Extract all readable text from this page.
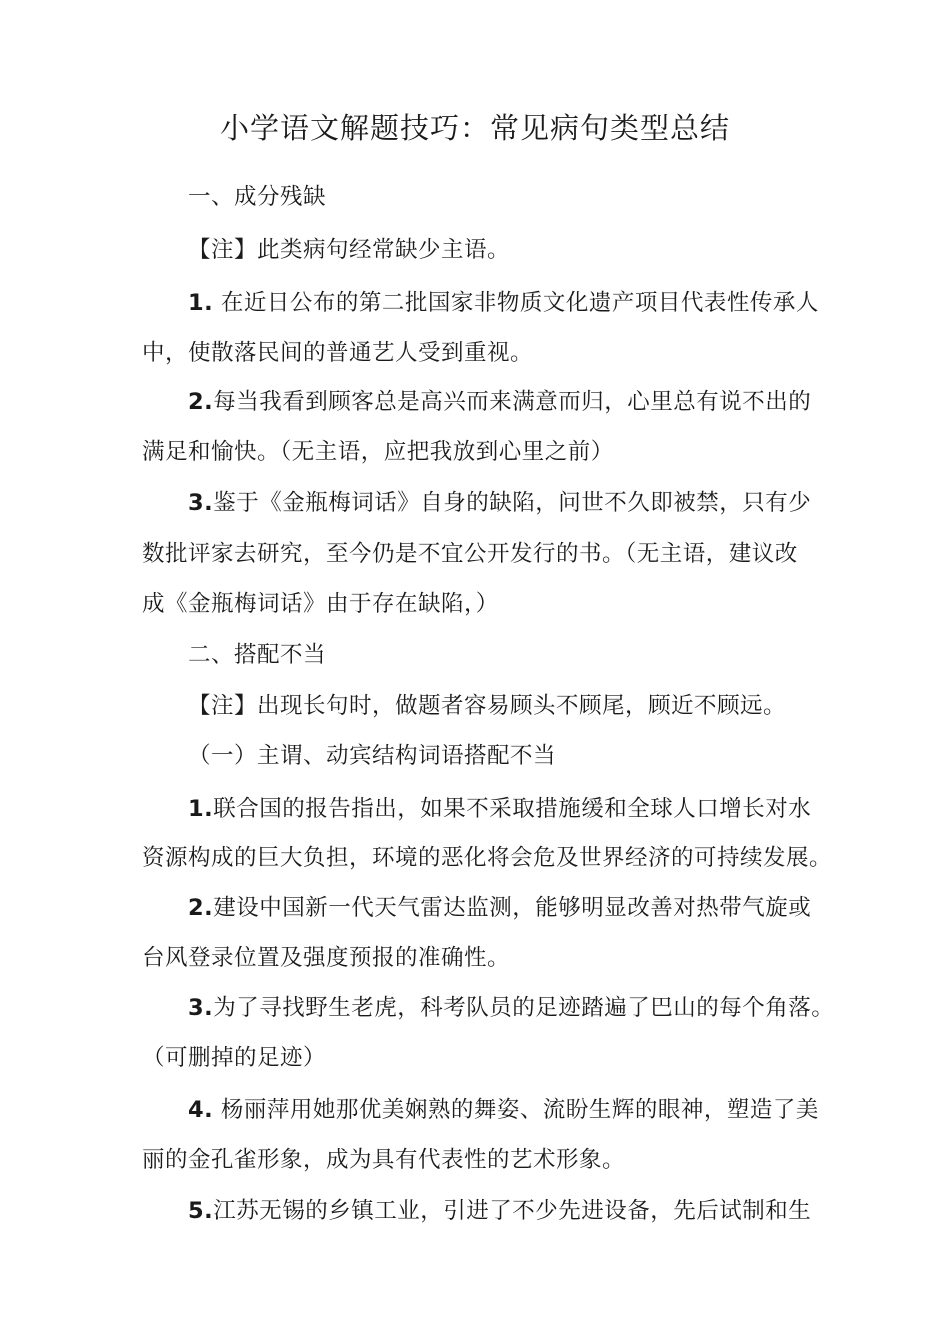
小学语文解题技巧：常见病句类型总结
一、成分残缺
【注】此类病句经常缺少主语。
1. 在近日公布的第二批国家非物质文化遗产项目代表性传承人
中，使散落民间的普通艺人受到重视。
2.每当我看到顾客总是高兴而来满意而归，心里总有说不出的
满足和愉快。（无主语，应把我放到心里之前）
3.鉴于《金瓶梅词话》自身的缺陷，问世不久即被禁，只有少
数批评家去研究，至今仍是不宜公开发行的书。（无主语，建议改
成《金瓶梅词话》由于存在缺陷，）
二、搭配不当
【注】出现长句时，做题者容易顾头不顾尾，顾近不顾远。
（一）主谓、动宾结构词语搭配不当
1.联合国的报告指出，如果不采取措施缓和全球人口增长对水
资源构成的巨大负担，环境的恶化将会危及世界经济的可持续发展。
2.建设中国新一代天气雷达监测，能够明显改善对热带气旋或
台风登录位置及强度预报的准确性。
3.为了寻找野生老虎，科考队员的足迹踏遍了巴山的每个角落。
（可删掉的足迹）
4. 杨丽萍用她那优美娴熟的舞姿、流盼生辉的眼神，塑造了美
丽的金孔雀形象，成为具有代表性的艺术形象。
5.江苏无锡的乡镇工业，引进了不少先进设备，先后试制和生
